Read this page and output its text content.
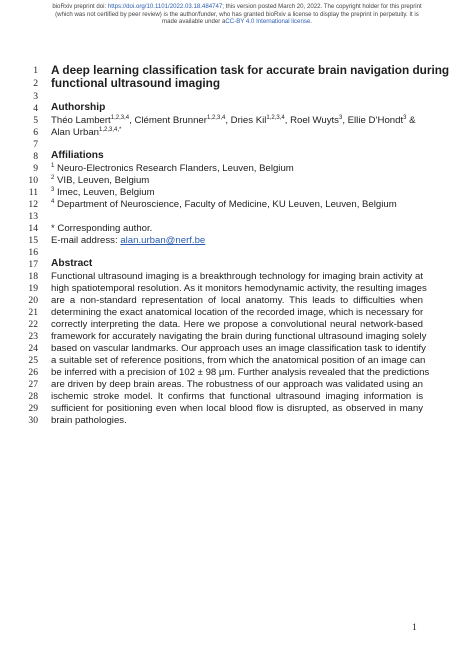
bioRxiv preprint doi: https://doi.org/10.1101/2022.03.18.484747; this version posted March 20, 2022. The copyright holder for this preprint
(which was not certified by peer review) is the author/funder, who has granted bioRxiv a license to display the preprint in perpetuity. It is
made available under aCC-BY 4.0 International license.
1
2
3
4
5
6
7
8
9
10
11
12
13
14
15
16
17
18
19
20
21
22
23
24
25
26
27
28
29
30
A deep learning classification task for accurate brain navigation during
functional ultrasound imaging
Authorship
Théo Lambert$^{1,2,3,4}$, Clément Brunner$^{1,2,3,4}$, Dries Kil$^{1,2,3,4}$, Roel Wuyts$^3$, Ellie D’Hondt$^3$ &
Alan Urban$^{1,2,3,4,*}$
Affiliations
$^1$ Neuro-Electronics Research Flanders, Leuven, Belgium
$^2$ VIB, Leuven, Belgium
$^3$ Imec, Leuven, Belgium
$^4$ Department of Neuroscience, Faculty of Medicine, KU Leuven, Leuven, Belgium
* Corresponding author.
E-mail address: alan.urban@nerf.be
Abstract
Functional ultrasound imaging is a breakthrough technology for imaging brain activity at
high spatiotemporal resolution. As it monitors hemodynamic activity, the resulting images
are a non-standard representation of local anatomy. This leads to difficulties when
determining the exact anatomical location of the recorded image, which is necessary for
correctly interpreting the data. Here we propose a convolutional neural network-based
framework for accurately navigating the brain during functional ultrasound imaging solely
based on vascular landmarks. Our approach uses an image classification task to identify
a suitable set of reference positions, from which the anatomical position of an image can
be inferred with a precision of 102 ± 98 µm. Further analysis revealed that the predictions
are driven by deep brain areas. The robustness of our approach was validated using an
ischemic stroke model. It confirms that functional ultrasound imaging information is
sufficient for positioning even when local blood flow is disrupted, as observed in many
brain pathologies.
1
